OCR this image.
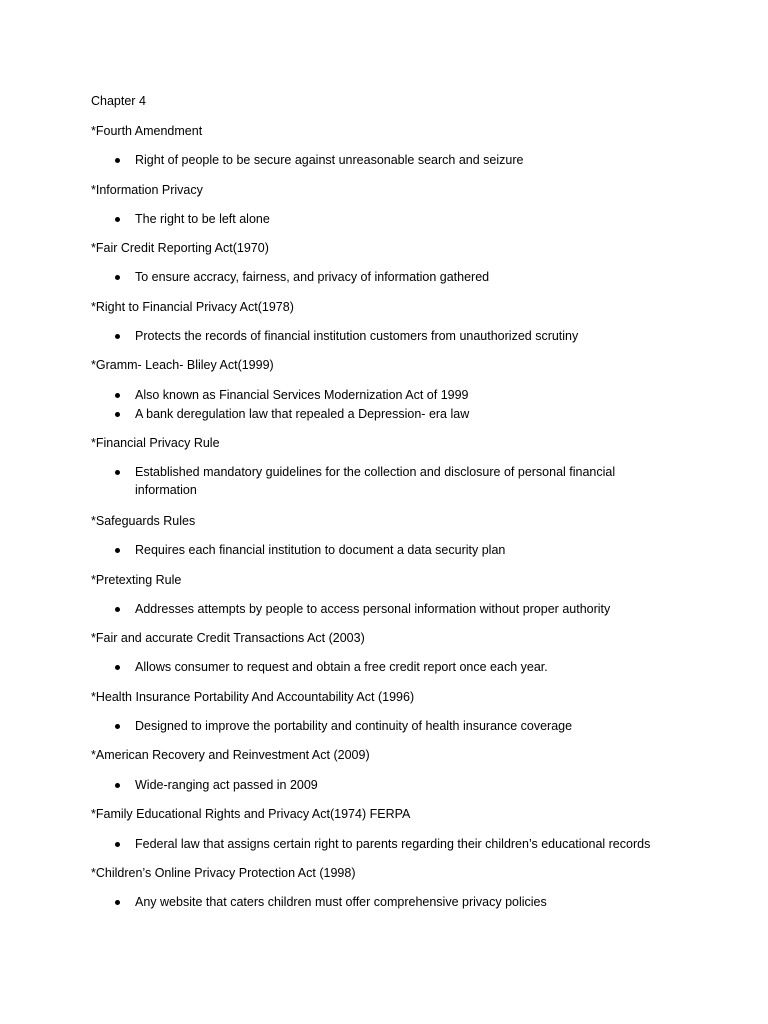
Chapter 4
*Fourth Amendment
Right of people to be secure against unreasonable search and seizure
*Information Privacy
The right to be left alone
*Fair Credit Reporting Act(1970)
To ensure accracy, fairness, and privacy of information gathered
*Right to Financial Privacy Act(1978)
Protects the records of financial institution customers from unauthorized scrutiny
*Gramm- Leach- Bliley Act(1999)
Also known as Financial Services Modernization Act of 1999
A bank deregulation law that repealed a Depression- era law
*Financial Privacy Rule
Established mandatory guidelines for the collection and disclosure of personal financial information
*Safeguards Rules
Requires each financial institution to document a data security plan
*Pretexting Rule
Addresses attempts by people to access personal information without proper authority
*Fair and accurate Credit Transactions Act (2003)
Allows consumer to request and obtain a free credit report once each year.
*Health Insurance Portability And Accountability Act (1996)
Designed to improve the portability and continuity of health insurance coverage
*American Recovery and Reinvestment Act (2009)
Wide-ranging act passed in 2009
*Family Educational Rights and Privacy Act(1974) FERPA
Federal law that assigns certain right to parents regarding their children’s educational records
*Children’s Online Privacy Protection Act (1998)
Any website that caters children must offer comprehensive privacy policies
